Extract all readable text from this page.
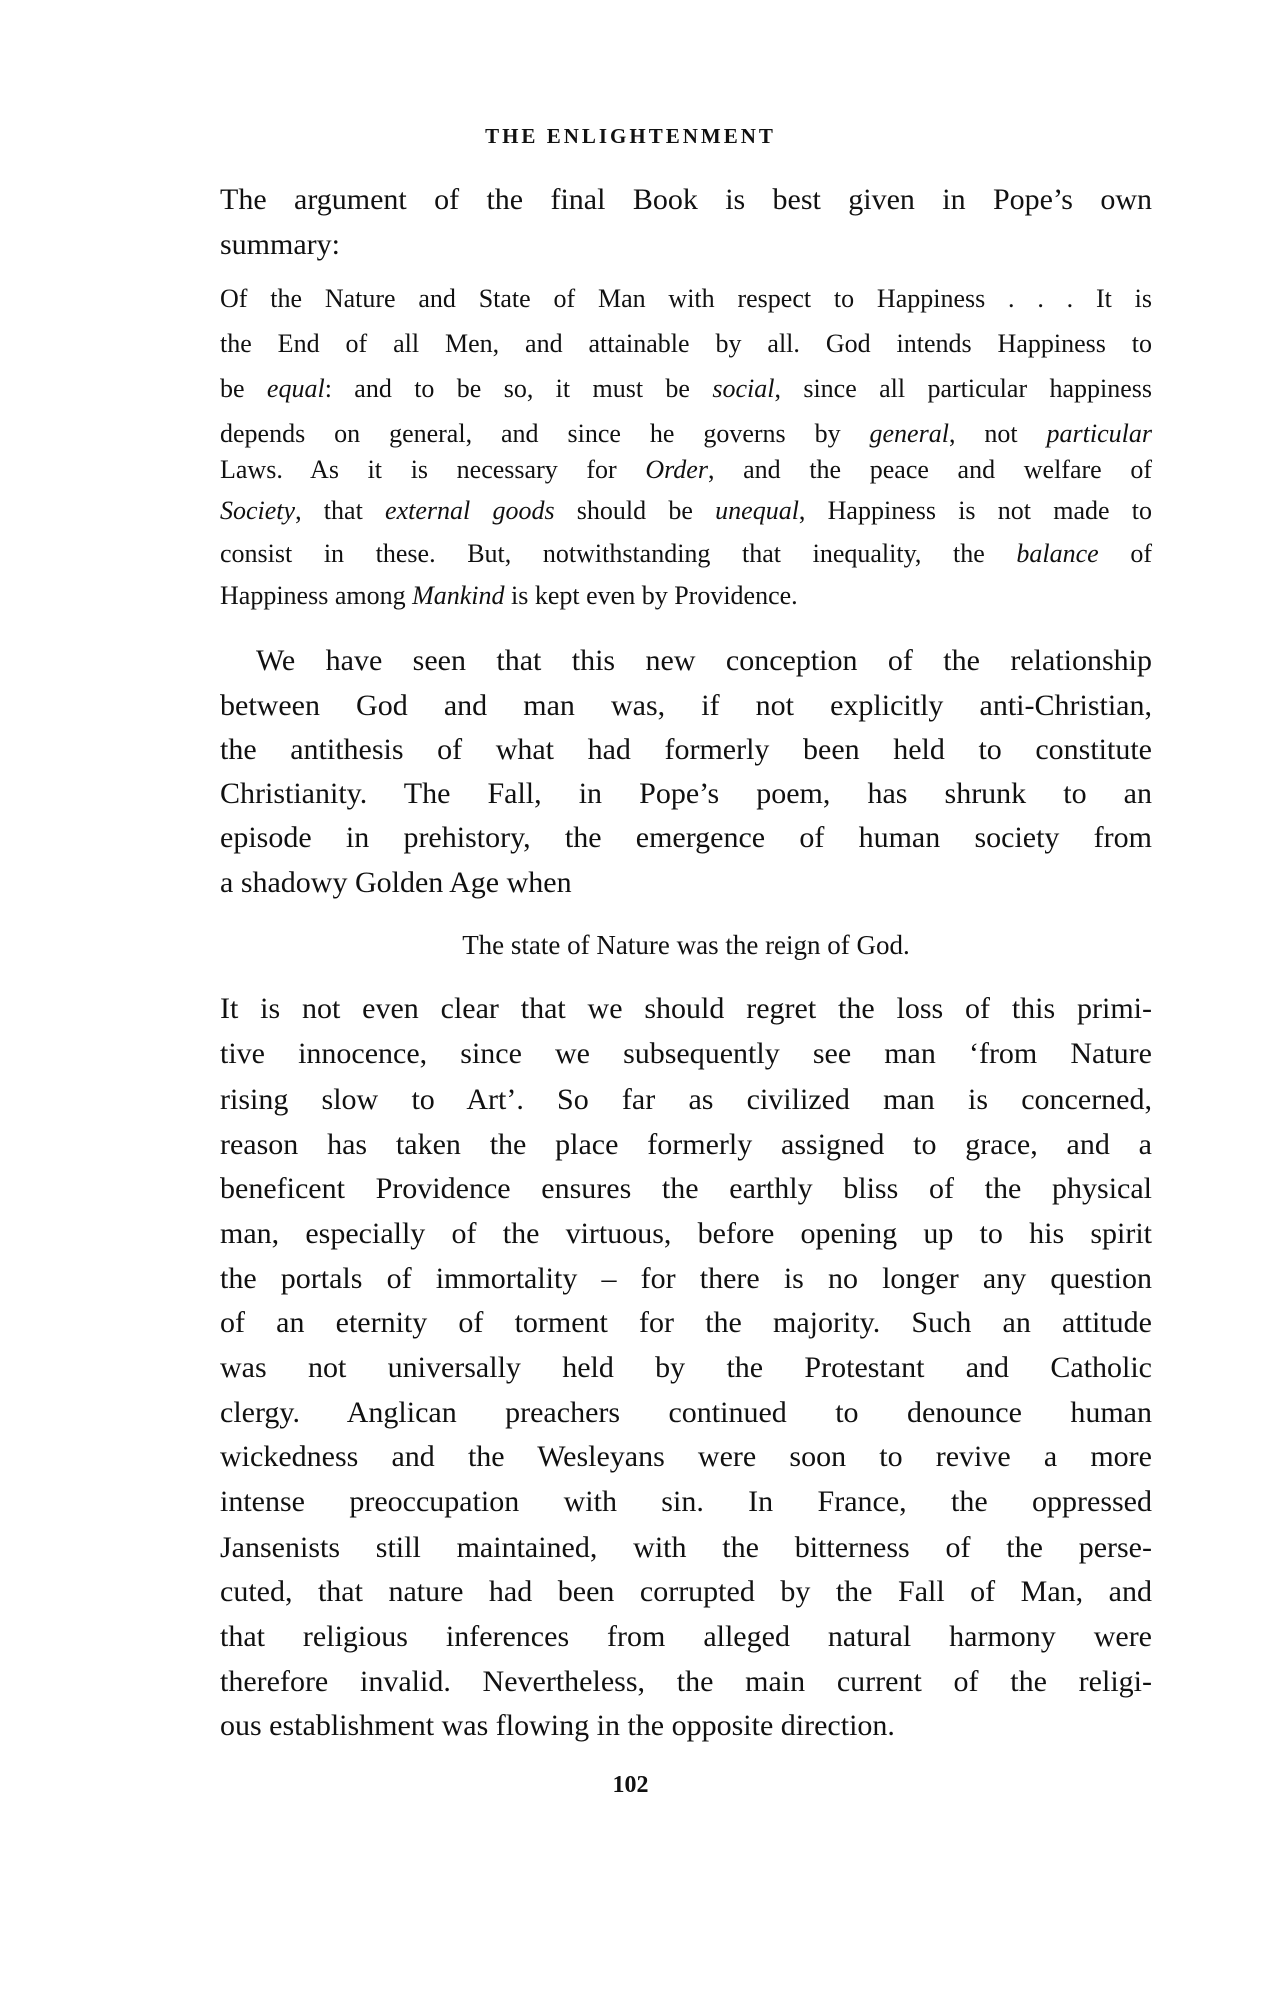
THE ENLIGHTENMENT
The argument of the final Book is best given in Pope’s own
summary:
Of the Nature and State of Man with respect to Happiness . . . It is
the End of all Men, and attainable by all. God intends Happiness to
be equal: and to be so, it must be social, since all particular happiness
depends on general, and since he governs by general, not particular
Laws. As it is necessary for Order, and the peace and welfare of
Society, that external goods should be unequal, Happiness is not made to
consist in these. But, notwithstanding that inequality, the balance of
Happiness among Mankind is kept even by Providence.
We have seen that this new conception of the relationship
between God and man was, if not explicitly anti-Christian,
the antithesis of what had formerly been held to constitute
Christianity. The Fall, in Pope’s poem, has shrunk to an
episode in prehistory, the emergence of human society from
a shadowy Golden Age when
The state of Nature was the reign of God.
It is not even clear that we should regret the loss of this primi-
tive innocence, since we subsequently see man ‘from Nature
rising slow to Art’. So far as civilized man is concerned,
reason has taken the place formerly assigned to grace, and a
beneficent Providence ensures the earthly bliss of the physical
man, especially of the virtuous, before opening up to his spirit
the portals of immortality – for there is no longer any question
of an eternity of torment for the majority. Such an attitude
was not universally held by the Protestant and Catholic
clergy. Anglican preachers continued to denounce human
wickedness and the Wesleyans were soon to revive a more
intense preoccupation with sin. In France, the oppressed
Jansenists still maintained, with the bitterness of the perse-
cuted, that nature had been corrupted by the Fall of Man, and
that religious inferences from alleged natural harmony were
therefore invalid. Nevertheless, the main current of the religi-
ous establishment was flowing in the opposite direction.
102
